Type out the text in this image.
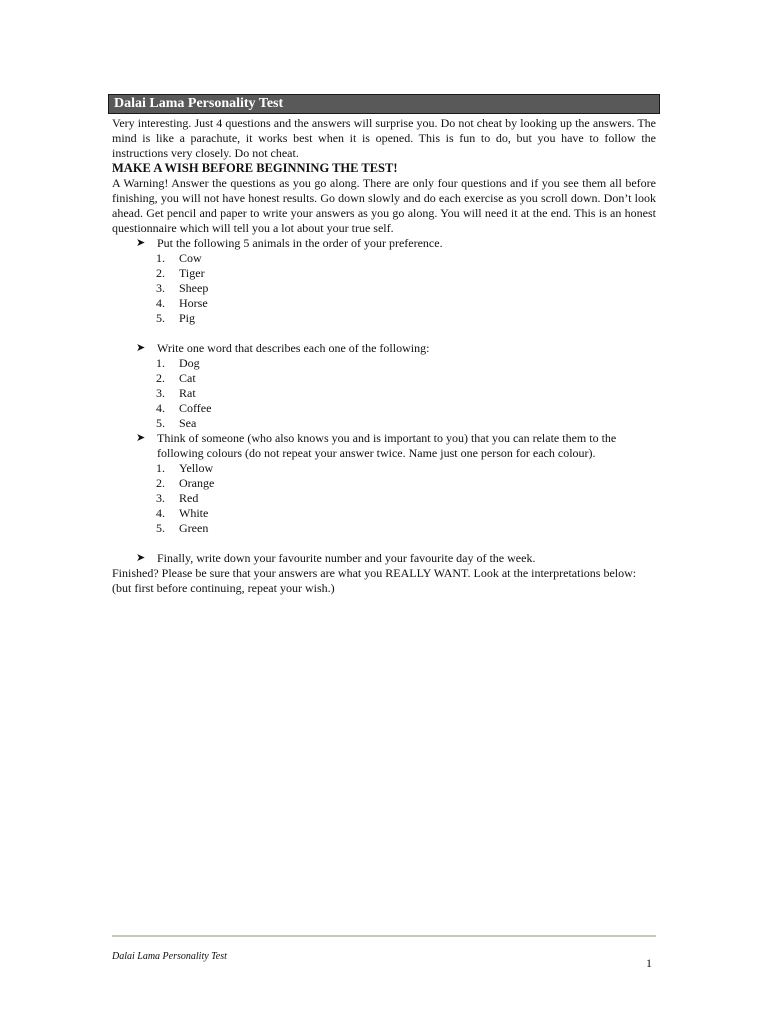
Dalai Lama Personality Test

Very interesting. Just 4 questions and the answers will surprise you. Do not cheat by looking up the answers. The mind is like a parachute, it works best when it is opened. This is fun to do, but you have to follow the instructions very closely. Do not cheat.

MAKE A WISH BEFORE BEGINNING THE TEST!

A Warning! Answer the questions as you go along. There are only four questions and if you see them all before finishing, you will not have honest results. Go down slowly and do each exercise as you scroll down. Don’t look ahead. Get pencil and paper to write your answers as you go along. You will need it at the end. This is an honest questionnaire which will tell you a lot about your true self.

➤ Put the following 5 animals in the order of your preference.

1. Cow
2. Tiger
3. Sheep
4. Horse
5. Pig

➤ Write one word that describes each one of the following:

1. Dog
2. Cat
3. Rat
4. Coffee
5. Sea

➤ Think of someone (who also knows you and is important to you) that you can relate them to the following colours (do not repeat your answer twice. Name just one person for each colour).

1. Yellow
2. Orange
3. Red
4. White
5. Green

➤ Finally, write down your favourite number and your favourite day of the week.

Finished? Please be sure that your answers are what you REALLY WANT. Look at the interpretations below: (but first before continuing, repeat your wish.)

Dalai Lama Personality Test	1
